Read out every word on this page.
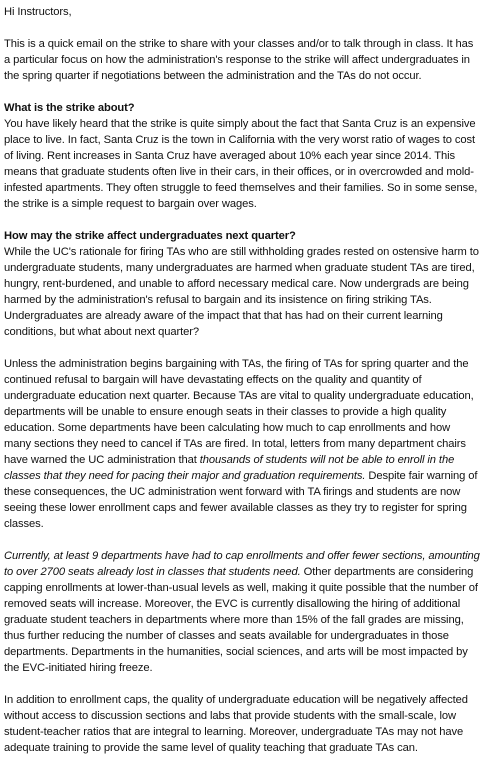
Hi Instructors,

This is a quick email on the strike to share with your classes and/or to talk through in class. It has a particular focus on how the administration's response to the strike will affect undergraduates in the spring quarter if negotiations between the administration and the TAs do not occur.

What is the strike about?

You have likely heard that the strike is quite simply about the fact that Santa Cruz is an expensive place to live. In fact, Santa Cruz is the town in California with the very worst ratio of wages to cost of living. Rent increases in Santa Cruz have averaged about 10% each year since 2014. This means that graduate students often live in their cars, in their offices, or in overcrowded and mold-infested apartments. They often struggle to feed themselves and their families. So in some sense, the strike is a simple request to bargain over wages.

How may the strike affect undergraduates next quarter?

While the UC's rationale for firing TAs who are still withholding grades rested on ostensive harm to undergraduate students, many undergraduates are harmed when graduate student TAs are tired, hungry, rent-burdened, and unable to afford necessary medical care. Now undergrads are being harmed by the administration's refusal to bargain and its insistence on firing striking TAs. Undergraduates are already aware of the impact that that has had on their current learning conditions, but what about next quarter?

Unless the administration begins bargaining with TAs, the firing of TAs for spring quarter and the continued refusal to bargain will have devastating effects on the quality and quantity of undergraduate education next quarter. Because TAs are vital to quality undergraduate education, departments will be unable to ensure enough seats in their classes to provide a high quality education. Some departments have been calculating how much to cap enrollments and how many sections they need to cancel if TAs are fired. In total, letters from many department chairs have warned the UC administration that thousands of students will not be able to enroll in the classes that they need for pacing their major and graduation requirements. Despite fair warning of these consequences, the UC administration went forward with TA firings and students are now seeing these lower enrollment caps and fewer available classes as they try to register for spring classes.

Currently, at least 9 departments have had to cap enrollments and offer fewer sections, amounting to over 2700 seats already lost in classes that students need. Other departments are considering capping enrollments at lower-than-usual levels as well, making it quite possible that the number of removed seats will increase. Moreover, the EVC is currently disallowing the hiring of additional graduate student teachers in departments where more than 15% of the fall grades are missing, thus further reducing the number of classes and seats available for undergraduates in those departments. Departments in the humanities, social sciences, and arts will be most impacted by the EVC-initiated hiring freeze.

In addition to enrollment caps, the quality of undergraduate education will be negatively affected without access to discussion sections and labs that provide students with the small-scale, low student-teacher ratios that are integral to learning. Moreover, undergraduate TAs may not have adequate training to provide the same level of quality teaching that graduate TAs can.
